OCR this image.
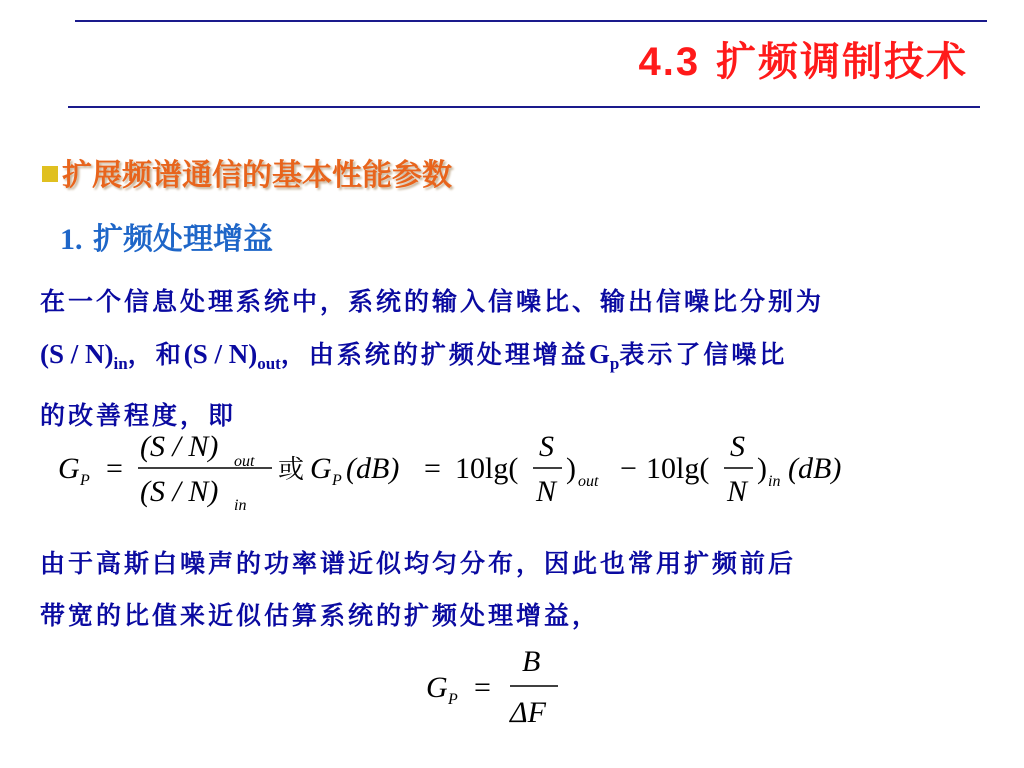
4.3 扩频调制技术
扩展频谱通信的基本性能参数
1. 扩频处理增益
在一个信息处理系统中，系统的输入信噪比、输出信噪比分别为
$(S / N)_{in}$，和$(S / N)_{out}$，由系统的扩频处理增益$G_p$表示了信噪比
的改善程度，即
G P =
(S / N) out
(S / N) in
或 G P (dB) = 10lg(
S
N
) out − 10lg(
S
N
) in (dB)
由于高斯白噪声的功率谱近似均匀分布，因此也常用扩频前后
带宽的比值来近似估算系统的扩频处理增益，
G P =
B
ΔF
